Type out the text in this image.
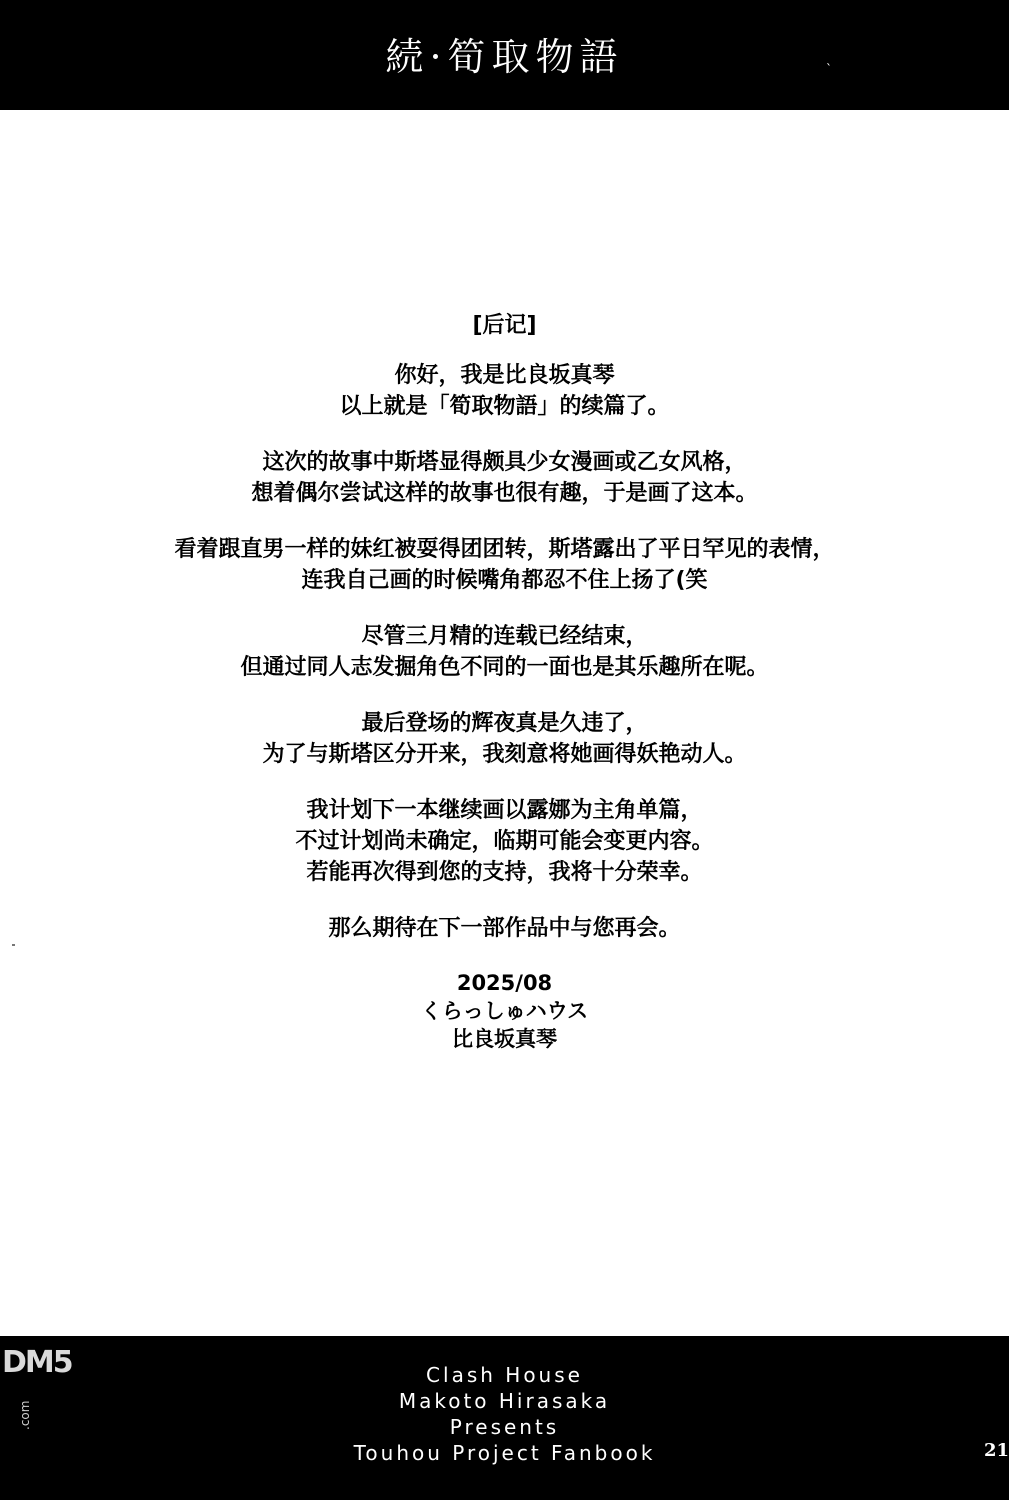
続·筍取物語	`
[后记]
你好，我是比良坂真琴
以上就是「筍取物語」的续篇了。
这次的故事中斯塔显得颇具少女漫画或乙女风格，
想着偶尔尝试这样的故事也很有趣，于是画了这本。
看着跟直男一样的妹红被耍得团团转，斯塔露出了平日罕见的表情，
连我自己画的时候嘴角都忍不住上扬了(笑
尽管三月精的连载已经结束，
但通过同人志发掘角色不同的一面也是其乐趣所在呢。
最后登场的辉夜真是久违了，
为了与斯塔区分开来，我刻意将她画得妖艳动人。
我计划下一本继续画以露娜为主角单篇，
不过计划尚未确定，临期可能会变更内容。
若能再次得到您的支持，我将十分荣幸。
那么期待在下一部作品中与您再会。
2025/08
くらっしゅハウス
比良坂真琴
Clash House
Makoto Hirasaka
Presents
Touhou Project Fanbook
DM5
.com
21
